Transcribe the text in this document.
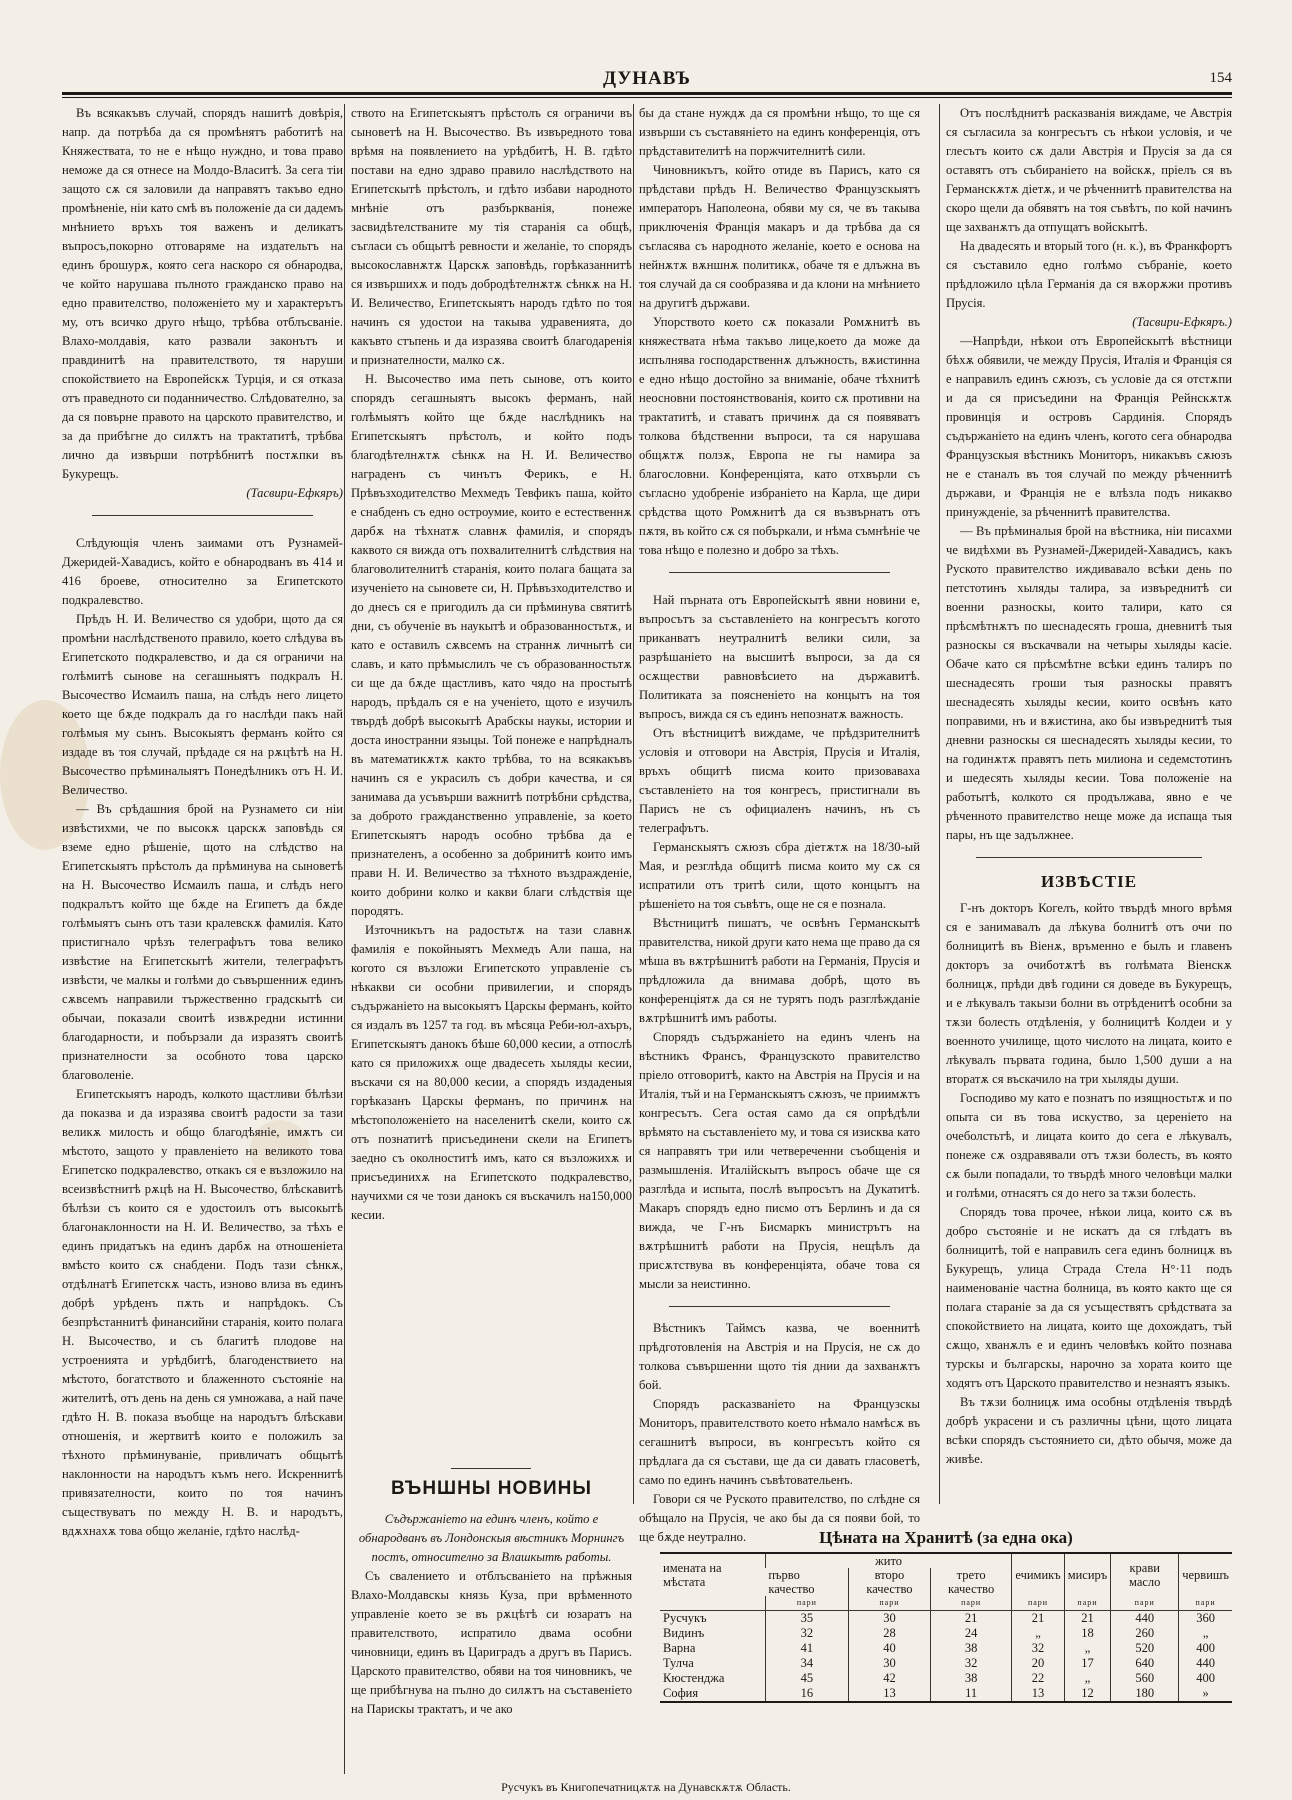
ДУНАВЪ	154

Въ всякакъвъ случай, спорядъ нашитѣ довѣрія, напр. да потрѣба да ся промѣнятъ работитѣ на Княжествата, то не е нѣщо нуждно, и това право неможе да ся отнесе на Молдо-Власитѣ. За сега тiи защото сѫ ся заловили да направятъ такъво едно промѣненіе, нiи като смѣ въ положеніе да си дадемъ мнѣнието връхъ тоя важенъ и деликатъ въпросъ,покорно отговаряме на издательтъ на единъ брошурѫ, която сега наскоро ся обнародва, че който нарушава пълното гражданско право на едно правителство, положеніето му и характерътъ му, отъ всичко друго нѣщо, трѣбва отблъсваніе. Влахо-молдавія, като развали законътъ и правдинитѣ на правителството, тя наруши спокойствието на Европейскѫ Турція, и ся отказа отъ праведното си поданничество. Слѣдователно, за да ся повърне правото на царското правителство, и за да прибѣгне до силѫтъ на трактатитѣ, трѣбва лично да извърши потрѣбнитѣ постѫпки въ Букурещъ.

(Тасвири-Ефкяръ)

Слѣдующія членъ заимами отъ Рузнамей-Джеридей-Хавадисъ, който е обнародванъ въ 414 и 416 броеве, относително за Египетското подкралевство.

Прѣдъ Н. И. Величество ся удобри, щото да ся промѣни наслѣдственото правило, което слѣдува въ Египетското подкралевство, и да ся ограничи на голѣмитѣ сынове на сегашныятъ подкралъ Н. Высочество Исмаилъ паша, на слѣдъ него лицето което ще бѫде подкралъ да го наслѣди пакъ най голѣмыя му сынъ. Высокыятъ ферманъ който ся издаде въ тоя случай, прѣдаде ся на рѫцѣтѣ на Н. Высочество прѣминалыятъ Понедѣлникъ отъ Н. И. Величество.

— Въ срѣдашния брой на Рузнамето си нiи извѣстихми, че по высокѫ царскѫ заповѣдь ся вземе едно рѣшеніе, щото на слѣдство на Египетскыятъ прѣстолъ да прѣминува на сыноветѣ на Н. Высочество Исмаилъ паша, и слѣдъ него подкралътъ който ще бѫде на Египетъ да бѫде голѣмыятъ сынъ отъ тази кралевскѫ фамилія. Като пристигнало чрѣзъ телеграфътъ това велико извѣстие на Египетскытѣ жители, телеграфътъ извѣсти, че малкы и голѣми до съвършенниѫ единъ сѫвсемъ направили тържественно градскытѣ си обычаи, показали своитѣ извѫредни истинни благодарности, и побързали да изразятъ своитѣ признателности за особното това царско благоволеніе.

Египетскыятъ народъ, колкото щастливи бѣлѣзи да показва и да изразява своитѣ радости за тази великѫ милость и общо благодѣяніе, имѫтъ си мѣстото, защото у правленіето на великото това Египетско подкралевство, откакъ ся е възложило на всеизвѣстнитѣ рѫцѣ на Н. Высочество, блѣскавитѣ бѣлѣзи съ които ся е удостоилъ отъ высокытѣ благонаклонности на Н. И. Величество, за тѣхъ е единъ придатъкъ на единъ дарбѫ на отношенiета вмѣсто които сѫ снабдени. Подъ тази сѣнкѫ, отдѣлнатѣ Египетскѫ часть, изново влиза въ единъ добрѣ урѣденъ пѫть и напрѣдокъ. Съ безпрѣстаннитѣ финансийни старанія, които полага Н. Высочество, и съ благитѣ плодове на устроенията и урѣдбитѣ, благоденствието на мѣстото, богатството и блаженното състояніе на жителитѣ, отъ день на день ся умножава, а най паче гдѣто Н. В. показа въобще на народътъ блѣскави отношенія, и жертвитѣ които е положилъ за тѣхното прѣминуваніе, привличатъ общытѣ наклонности на народътъ къмъ него. Искреннитѣ привязателности, които по тоя начинъ съществуватъ по между Н. В. и народътъ, вдѫхнахѫ това общо желаніе, гдѣто наслѣд-

ството на Египетскыятъ прѣстолъ ся ограничи въ сыноветѣ на Н. Высочество. Въ извъредното това врѣмя на появлението на урѣдбитѣ, Н. В. гдѣто постави на едно здраво правило наслѣдството на Египетскытѣ прѣстолъ, и гдѣто избави народното мнѣніе отъ разбъркванія, понеже засвидѣтелстваните му тія старанія са общѣ, съгласи съ общытѣ ревности и желаніе, то спорядъ высокославнѫтѫ Царскѫ заповѣдь, горѣказаннитѣ ся извършихѫ и подъ добродѣтелнѫтѫ сѣнкѫ на Н. И. Величество, Египетскыятъ народъ гдѣто по тоя начинъ ся удостои на такыва удравенията, до какъвто стъпень и да изразява своитѣ благодаренія и признателности, малко сѫ.

Н. Высочество има петь сынове, отъ които спорядъ сегашныятъ высокъ ферманъ, най голѣмыятъ който ще бѫде наслѣдникъ на Египетскыятъ прѣстолъ, и който подъ благодѣтелнѫтѫ сѣнкѫ на Н. И. Величество награденъ съ чинътъ Ферикъ, е Н. Прѣвъзходителство Мехмедъ Тевфикъ паша, който е снабденъ съ едно остроумие, които е естественнѫ дарбѫ на тѣхнатѫ славнѫ фамилія, и спорядъ каквото ся вижда отъ похвалителнитѣ слѣдствия на благоволителнитѣ старанія, които полага бащата за изученіето на сыновете си, Н. Прѣвъзходителство и до днесъ ся е пригодилъ да си прѣминува святитѣ дни, съ обученіе въ наукытѣ и образованностьтѫ, и като е оставилъ сѫвсемъ на страннѫ личнытѣ си славъ, и като прѣмыслилъ че съ образованностьтѫ си ще да бѫде щастливъ, като чядо на простытѣ народъ, прѣдалъ ся е на ученіето, щото е изучилъ твърдѣ добрѣ высокытѣ Арабскы наукы, истории и доста иностранни языцы. Той понеже е напрѣдналъ въ математикѫтѫ както трѣбва, то на всякакъвъ начинъ ся е украсилъ съ добри качества, и ся занимава да усъвърши важнитѣ потрѣбни срѣдства, за доброто гражданственно управленіе, за което Египетскыятъ народъ особно трѣбва да е признателенъ, а особенно за добринитѣ които имъ прави Н. И. Величество за тѣхното въздражденіе, които добрини колко и какви благи слѣдствія ще породятъ.

Източникътъ на радостьтѫ на тази славнѫ фамилія е покойныятъ Мехмедъ Али паша, на когото ся възложи Египетското управленіе съ нѣкакви си особни привилегии, и спорядъ съдържаніето на высокыятъ Царскы ферманъ, който ся издалъ въ 1257 та год. въ мѣсяца Реби-юл-ахъръ, Египетскыятъ данокъ бѣше 60,000 кесии, а отпослѣ като ся приложихѫ още двадесеть хыляды кесии, въскачи ся на 80,000 кесии, а спорядъ издаденыя горѣказанъ Царскы ферманъ, по причинѫ на мѣстоположеніето на населенитѣ скели, които сѫ отъ познатитѣ присъединени скели на Египетъ заедно съ околноститѣ имъ, като ся възложихѫ и присъединихѫ на Египетското подкралевство, научихми ся че този данокъ ся въскачилъ на150,000 кесии.

ВЪНШНЫ НОВИНЫ

Съдържаніето на единъ членъ, който е обнародванъ въ Лондонскыя вѣстникъ Морнингъ постъ, относително за Влашкытѣ работы.

Съ свалението и отблъсваніето на прѣжныя Влахо-Молдавскы князь Куза, при врѣменното управленіе което зе въ рѫцѣтѣ си юзаратъ на правителството, испратило двама особни чиновници, единъ въ Цариградъ а другъ въ Парисъ. Царското правителство, обяви на тоя чиновникъ, че ще прибѣгнува на пълно до силѫтъ на съставеніето на Парискы трактатъ, и че ако

бы да стане нуждѫ да ся промѣни нѣщо, то ще ся извърши съ съставяніето на единъ конференція, отъ прѣдставителитѣ на поржчителнитѣ сили.

Чиновникътъ, който отиде въ Парисъ, като ся прѣдстави прѣдъ Н. Величество Французскыятъ императоръ Наполеона, обяви му ся, че въ такыва приключенія Франція макаръ и да трѣбва да ся съгласява съ народното желаніе, което е основа на нейнѫтѫ вѫншнѫ политикѫ, обаче тя е длъжна въ тоя случай да ся сообразява и да клони на мнѣнието на другитѣ държави.

Упорството което сѫ показали Ромѫнитѣ въ княжествата нѣма такъво лице,което да може да испълнява господарственнѫ длъжность, вѫистинна е едно нѣщо достойно за вниманіе, обаче тѣхнитѣ неосновни постоянствованія, които сѫ противни на трактатитѣ, и ставатъ причинѫ да ся появяватъ толкова бѣдственни въпроси, та ся нарушава общѫтѫ ползѫ, Европа не гы намира за благословни. Конференціята, като отхвърли съ съгласно удобреніе избраніето на Карла, ще дири срѣдства щото Ромѫнитѣ да ся възвърнатъ отъ пѫтя, въ който сѫ ся побъркали, и нѣма съмнѣніе че това нѣщо е полезно и добро за тѣхъ.

Най пърната отъ Европейскытѣ явни новини е, въпросътъ за съставленіето на конгресътъ когото приканватъ неутралнитѣ велики сили, за разрѣшаніето на высшитѣ въпроси, за да ся осѫществи равновѣсието на държавитѣ. Политиката за поясненіето на концытъ на тоя въпросъ, вижда ся съ единъ непознатѫ важность.

Отъ вѣстницитѣ виждаме, че прѣдзрителнитѣ условія и отговори на Австрія, Прусія и Италія, връхъ общитѣ писма които призоваваха съставленіето на тоя конгресъ, пристигнали въ Парисъ не съ официаленъ начинъ, нъ съ телеграфътъ.

Германскыятъ сѫюзъ сбра діетѫтѫ на 18/30-ый Мая, и резглѣда общитѣ писма които му сѫ ся испратили отъ тритѣ сили, щото концытъ на рѣшеніето на тоя съвѣтъ, още не ся е познала.

Вѣстницитѣ пишатъ, че освѣнъ Германскытѣ правителства, никой други като нема ще право да ся мѣша въ вѫтрѣшнитѣ работи на Германія, Прусія и прѣдложила да внимава добрѣ, щото въ конференціятѫ да ся не турятъ подъ разглѣжданіе вѫтрѣшнитѣ имъ работы.

Спорядъ съдържаніето на единъ членъ на вѣстникъ Франсъ, Французското правителство прiело отговоритѣ, както на Австрія на Прусія и на Италія, тъй и на Германскыятъ сѫюзъ, че приимѫтъ конгресътъ. Сега остая само да ся опрѣдѣли врѣмято на съставленіето му, и това ся изисква като ся направятъ три или четвереченни съобщенія и размышленія. Италійскытъ въпросъ обаче ще ся разглѣда и испыта, послѣ въпросътъ на Дукатитѣ. Макаръ спорядъ едно писмо отъ Берлинъ и да ся вижда, че Г-нъ Бисмаркъ министрътъ на вѫтрѣшнитѣ работи на Прусія, нещѣлъ да присѫтствува въ конференціята, обаче това ся мысли за неистинно.

Вѣстникъ Таймсъ казва, че военнитѣ прѣдготовленія на Австрія и на Прусія, не сѫ до толкова съвършенни щото тія днии да захванѫтъ бой.

Спорядъ расказваніето на Французскы Мониторъ, правителството което нѣмало намѣсѫ въ сегашнитѣ въпроси, въ конгресътъ който ся прѣдлага да ся състави, ще да си давать гласоветѣ, само по единъ начинъ съвѣтовательенъ.

Говори ся че Руското правителство, по слѣдне ся обѣщало на Прусія, че ако бы да ся появи бой, то ще бѫде неутрално.

Отъ послѣднитѣ расказванія виждаме, че Австрія ся съгласила за конгресътъ съ нѣкои условія, и че глесътъ които сѫ дали Австрія и Прусія за да ся оставятъ отъ събираніето на войскѫ, прiелъ ся въ Германскѫтѫ діетѫ, и че рѣченнитѣ правителства на скоро щели да обявятъ на тоя съвѣтъ, по кой начинъ ще захванѫтъ да отпущатъ войскытѣ.

На двадесять и вторый того (н. к.), въ Франкфортъ ся съставило едно голѣмо събраніе, което прѣдложило цѣла Германія да ся вѫорѫжи противъ Прусія.

(Тасвири-Ефкяръ.)

—Напрѣди, нѣкои отъ Европейскытѣ вѣстници бѣхѫ обявили, че между Прусія, Италія и Франція ся е направилъ единъ сѫюзъ, съ условіе да ся отстѫпи и да ся присъедини на Франція Рейнскѫтѫ провинція и островъ Сардинія. Спорядъ съдържаніето на единъ членъ, когото сега обнародва Французскыя вѣстникъ Мониторъ, никакъвъ сѫюзъ не е станалъ въ тоя случай по между рѣченнитѣ държави, и Франція не е влѣзла подъ никакво принужденіе, за рѣченнитѣ правителства.

— Въ прѣминалыя брой на вѣстника, нiи писахми че видѣхми въ Рузнамей-Джеридей-Хавадисъ, какъ Руското правителство иждивавало всѣки день по петстотинъ хыляды талира, за извъреднитѣ си военни разноскы, които талири, като ся прѣсмѣтнѫтъ по шеснадесять гроша, дневнитѣ тыя разноскы ся въскачвали на четыры хыляды касіе. Обаче като ся прѣсмѣтне всѣки единъ талиръ по шеснадесять гроши тыя разноскы правятъ шеснадесять хыляды кесии, които освѣнъ като поправими, нъ и вѫистина, ако бы извъреднитѣ тыя дневни разноскы ся шеснадесять хыляды кесии, то на годинѫтѫ правятъ петь милиона и седемстотинъ и шедесять хыляды кесии. Това положеніе на работытѣ, колкото ся продължава, явно е че рѣченното правителство неще може да испаща тыя пары, нъ ще задължнее.

ИЗВѢСТІЕ

Г-нъ докторъ Когелъ, който твърдѣ много врѣмя ся е занимавалъ да лѣкува болнитѣ отъ очи по болницитѣ въ Віенѫ, връменно е былъ и главенъ докторъ за очиботѫтѣ въ голѣмата Віенскѫ болницѫ, прѣди двѣ години ся доведе въ Букурещъ, и е лѣкувалъ такызи болни въ отрѣденитѣ особни за тѫзи болесть отдѣленія, у болницитѣ Колдеи и у военното училище, щото числото на лицата, които е лѣкувалъ първата година, было 1,500 души а на вторатѫ ся въскачило на три хыляды души.

Господиво му като е познатъ по изящностьтѫ и по опыта си въ това искуство, за цереніето на очеболстьтѣ, и лицата които до сега е лѣкувалъ, понеже сѫ оздравявали отъ тѫзи болесть, въ която сѫ были попадали, то твърдѣ много человѣци малки и голѣми, отнасятъ ся до него за тѫзи болесть.

Спорядъ това прочее, нѣкои лица, които сѫ въ добро състояніе и не искатъ да ся глѣдатъ въ болницитѣ, той е направилъ сега единъ болницѫ въ Букурещъ, улица Страда Стела Н°·11 подъ наименованіе частна болница, въ която както ще ся полага стараніе за да ся усъществятъ срѣдствата за спокойствието на лицата, които ще дохождатъ, тъй сѫщо, хванѫлъ е и единъ человѣкъ който познава турскы и българскы, нарочно за хората които ще ходятъ отъ Царското правителство и незнаятъ языкъ.

Въ тѫзи болницѫ има особны отдѣленія твърдѣ добрѣ украсени и съ различны цѣни, щото лицата всѣки спорядъ състоянието си, дѣто обычя, може да живѣе.

Цѣната на Хранитѣ (за една ока)
имената на мѣстата	жито			ечимикъ	мисиръ	крави масло	червишъ
	първо качество	второ качество	трето качество				
	пари	пари	пари	пари	пари	пари	пари
Русчукъ	35	30	21	21	21	440	360
Видинъ	32	28	24	„	18	260	„
Варна	41	40	38	32	„	520	400
Тулча	34	30	32	20	17	640	440
Кюстенджа	45	42	38	22	„	560	400
София	16	13	11	13	12	180	»
Русчукъ въ Книгопечатницѫтѫ на Дунавскѫтѫ Область.
